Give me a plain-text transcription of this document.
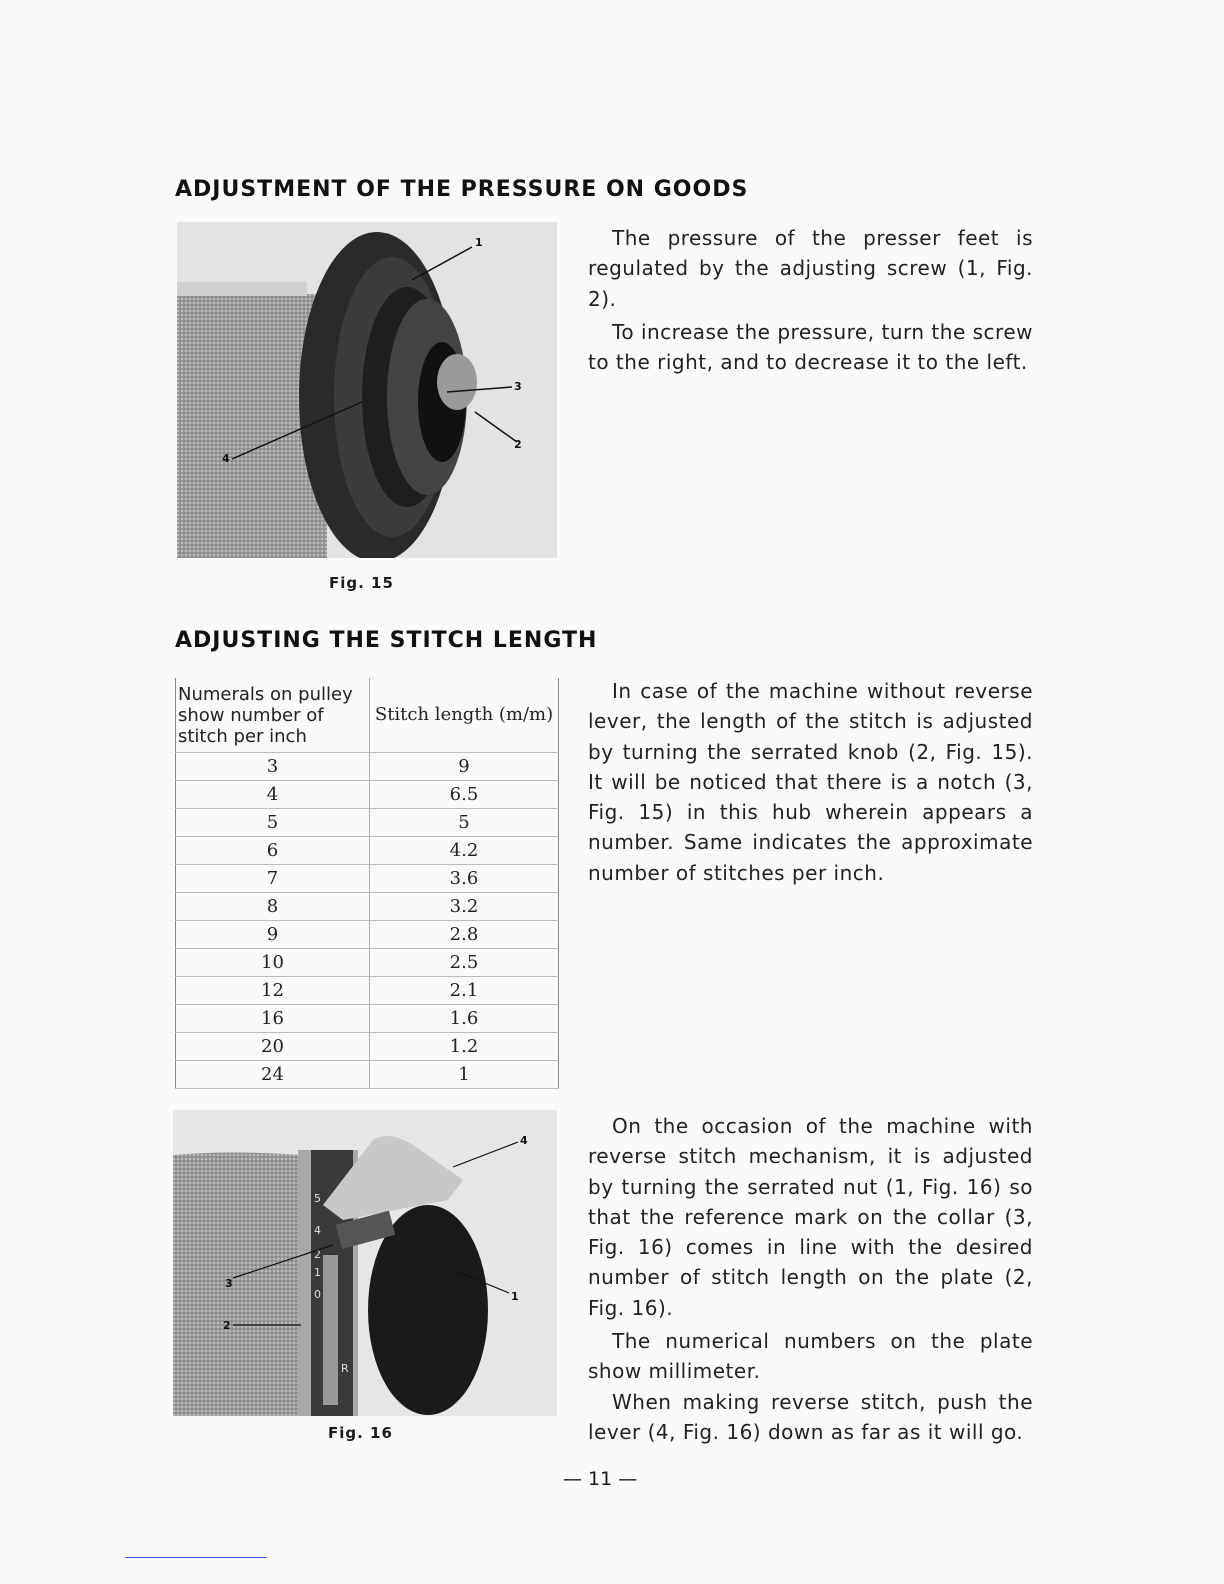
ADJUSTMENT OF THE PRESSURE ON GOODS
1
2
3
4
Fig. 15

The pressure of the presser feet is regulated by the adjusting screw (1, Fig. 2).

To increase the pressure, turn the screw to the right, and to decrease it to the left.

ADJUSTING THE STITCH LENGTH
Numerals on pulley show number of stitch per inch	Stitch length (m/m)
3	9
4	6.5
5	5
6	4.2
7	3.6
8	3.2
9	2.8
10	2.5
12	2.1
16	1.6
20	1.2
24	1

In case of the machine without reverse lever, the length of the stitch is adjusted by turning the serrated knob (2, Fig. 15). It will be noticed that there is a notch (3, Fig. 15) in this hub wherein appears a number. Same indicates the approximate number of stitches per inch.

5
4
2
1
0
R
1
2
3
4
Fig. 16

On the occasion of the machine with reverse stitch mechanism, it is adjusted by turning the serrated nut (1, Fig. 16) so that the reference mark on the collar (3, Fig. 16) comes in line with the desired number of stitch length on the plate (2, Fig. 16).

The numerical numbers on the plate show millimeter.

When making reverse stitch, push the lever (4, Fig. 16) down as far as it will go.

— 11 —
